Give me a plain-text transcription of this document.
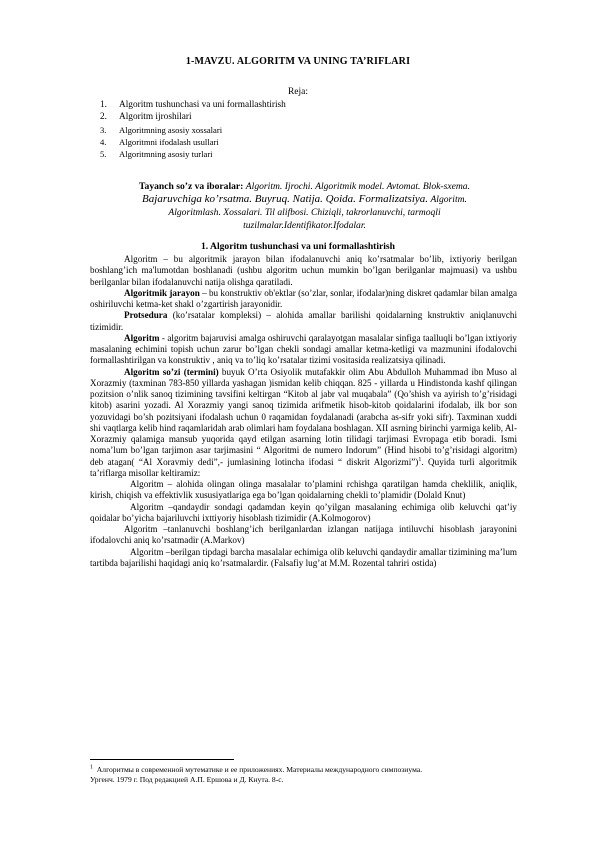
1-MAVZU. ALGORITM VA UNING TA’RIFLARI
Reja:
1. Algoritm tushunchasi va uni formallashtirish
2. Algoritm ijroshilari
3. Algoritmning asosiy xossalari
4. Algoritmni ifodalash usullari
5. Algoritmning asosiy turlari
Tayanch so’z va iboralar: Algoritm. Ijrochi. Algoritmik model. Avtomat. Blok-sxema.
Bajaruvchiga ko’rsatma. Buyruq. Natija. Qoida. Formalizatsiya. Algoritm.
Algoritmlash. Xossalari. Til alifbosi. Chiziqli, takrorlanuvchi, tarmoqli
tuzilmalar.Identifikator.Ifodalar.
1. Algoritm tushunchasi va uni formallashtirish

Algoritm – bu algoritmik jarayon bilan ifodalanuvchi aniq ko’rsatmalar bo’lib, ixtiyoriy berilgan boshlang’ich ma'lumotdan boshlanadi (ushbu algoritm uchun mumkin bo’lgan berilganlar majmuasi) va ushbu berilganlar bilan ifodalanuvchi natija olishga qaratiladi.

Algoritmik jarayon – bu konstruktiv ob'ektlar (so’zlar, sonlar, ifodalar)ning diskret qadamlar bilan amalga oshiriluvchi ketma-ket shakl o’zgartirish jarayonidir.

Protsedura (ko’rsatalar kompleksi) – alohida amallar barilishi qoidalarning knstruktiv aniqlanuvchi tizimidir.

Algoritm - algoritm bajaruvisi amalga oshiruvchi qaralayotgan masalalar sinfiga taalluqli bo’lgan ixtiyoriy masalaning echimini topish uchun zarur bo’lgan chekli sondagi amallar ketma-ketligi va mazmunini ifodalovchi formallashtirilgan va konstruktiv , aniq va to’liq ko’rsatalar tizimi vositasida realizatsiya qilinadi.

Algoritm so’zi (termini) buyuk O’rta Osiyolik mutafakkir olim Abu Abdulloh Muhammad ibn Muso al Xorazmiy (taxminan 783-850 yillarda yashagan )ismidan kelib chiqqan. 825 - yillarda u Hindistonda kashf qilingan pozitsion o’nlik sanoq tizimining tavsifini keltirgan “Kitob al jabr val muqabala” (Qo’shish va ayirish to’g’risidagi kitob) asarini yozadi. Al Xorazmiy yangi sanoq tizimida arifmetik hisob-kitob qoidalarini ifodalab, ilk bor son yozuvidagi bo’sh pozitsiyani ifodalash uchun 0 raqamidan foydalanadi (arabcha as-sifr yoki sifr). Taxminan xuddi shi vaqtlarga kelib hind raqamlaridah arab olimlari ham foydalana boshlagan. XII asrning birinchi yarmiga kelib, Al-Xorazmiy qalamiga mansub yuqorida qayd etilgan asarning lotin tilidagi tarjimasi Evropaga etib boradi. Ismi noma’lum bo’lgan tarjimon asar tarjimasini “ Algoritmi de numero Indorum” (Hind hisobi to’g’risidagi algoritm) deb atagan( “Al Xoravmiy dedi”,- jumlasining lotincha ifodasi “ diskrit Algorizmi”)$^1$. Quyida turli algoritmik ta’riflarga misollar keltiramiz:

Algoritm – alohida olingan olinga masalalar to’plamini rchishga qaratilgan hamda cheklilik, aniqlik, kirish, chiqish va effektivlik xususiyatlariga ega bo’lgan qoidalarning chekli to’plamidir (Dolald Knut)

Algoritm –qandaydir sondagi qadamdan keyin qo’yilgan masalaning echimiga olib keluvchi qat’iy qoidalar bo’yicha bajariluvchi ixttiyoriy hisoblash tizimidir (A.Kolmogorov)

Algoritm –tanlanuvchi boshlang’ich berilganlardan izlangan natijaga intiluvchi hisoblash jarayonini ifodalovchi aniq ko’rsatmadir (A.Markov)

Algoritm –berilgan tipdagi barcha masalalar echimiga olib keluvchi qandaydir amallar tizimining ma’lum tartibda bajarilishi haqidagi aniq ko’rsatmalardir. (Falsafiy lug’at M.M. Rozental tahriri ostida)

$^1$ Алгоритмы в современной мутематике и ее приложениях. Материалы международного симпозиума.
Ургенч. 1979 г. Под редакцией А.П. Ершова и Д. Кнута. 8-с.
